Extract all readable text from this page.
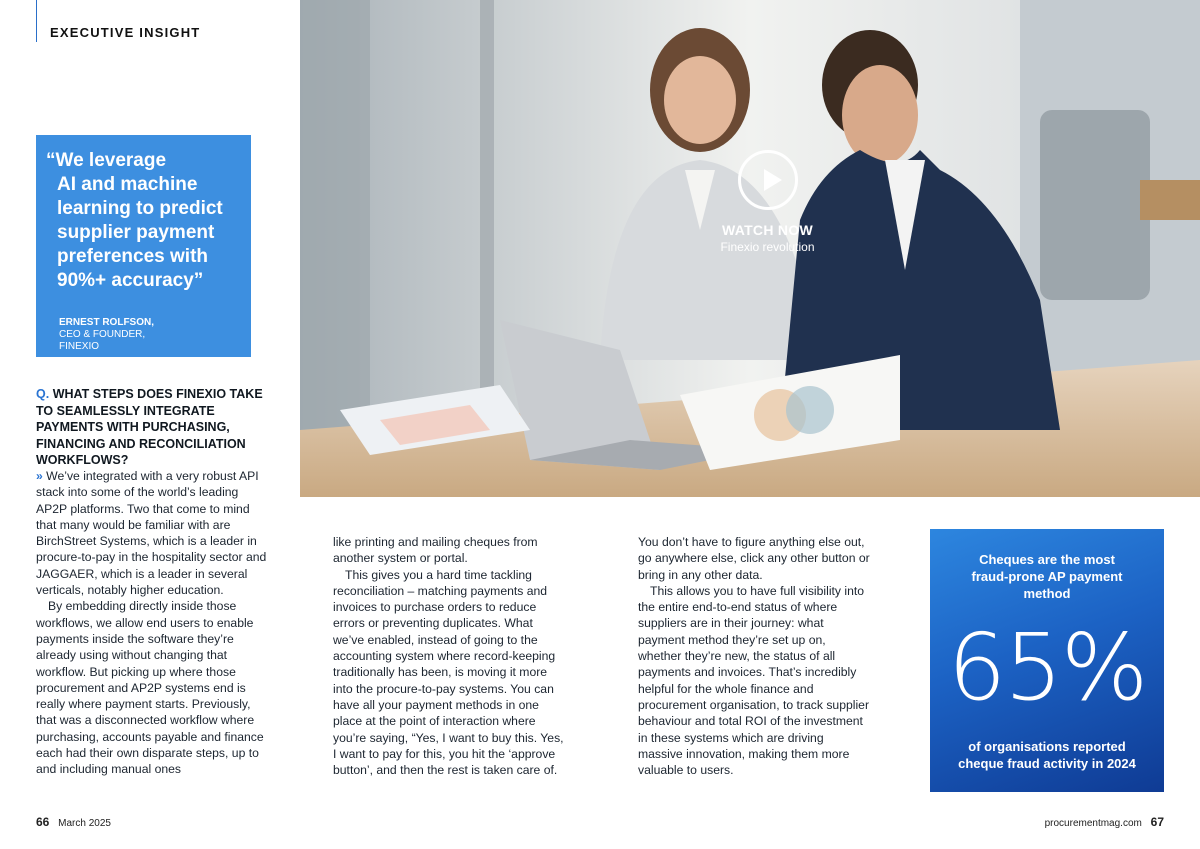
EXECUTIVE INSIGHT

“We leverage
AI and machine
learning to predict
supplier payment
preferences with
90%+ accuracy”

ERNEST ROLFSON,
CEO & FOUNDER,
FINEXIO
WATCH NOW
Finexio revolution

Q. WHAT STEPS DOES FINEXIO TAKE TO SEAMLESSLY INTEGRATE PAYMENTS WITH PURCHASING, FINANCING AND RECONCILIATION WORKFLOWS?

» We’ve integrated with a very robust API stack into some of the world’s leading AP2P platforms. Two that come to mind that many would be familiar with are BirchStreet Systems, which is a leader in procure-to-pay in the hospitality sector and JAGGAER, which is a leader in several verticals, notably higher education.

By embedding directly inside those workflows, we allow end users to enable payments inside the software they’re already using without changing that workflow. But picking up where those procurement and AP2P systems end is really where payment starts. Previously, that was a disconnected workflow where purchasing, accounts payable and finance each had their own disparate steps, up to and including manual ones

like printing and mailing cheques from another system or portal.

This gives you a hard time tackling reconciliation – matching payments and invoices to purchase orders to reduce errors or preventing duplicates. What we’ve enabled, instead of going to the accounting system where record-keeping traditionally has been, is moving it more into the procure-to-pay systems. You can have all your payment methods in one place at the point of interaction where you’re saying, “Yes, I want to buy this. Yes, I want to pay for this, you hit the ‘approve button’, and then the rest is taken care of.

You don’t have to figure anything else out, go anywhere else, click any other button or bring in any other data.

This allows you to have full visibility into the entire end-to-end status of where suppliers are in their journey: what payment method they’re set up on, whether they’re new, the status of all payments and invoices. That’s incredibly helpful for the whole finance and procurement organisation, to track supplier behaviour and total ROI of the investment in these systems which are driving massive innovation, making them more valuable to users.

Cheques are the most fraud-prone AP payment method
65%
of organisations reported cheque fraud activity in 2024
66 March 2025	procurementmag.com 67
